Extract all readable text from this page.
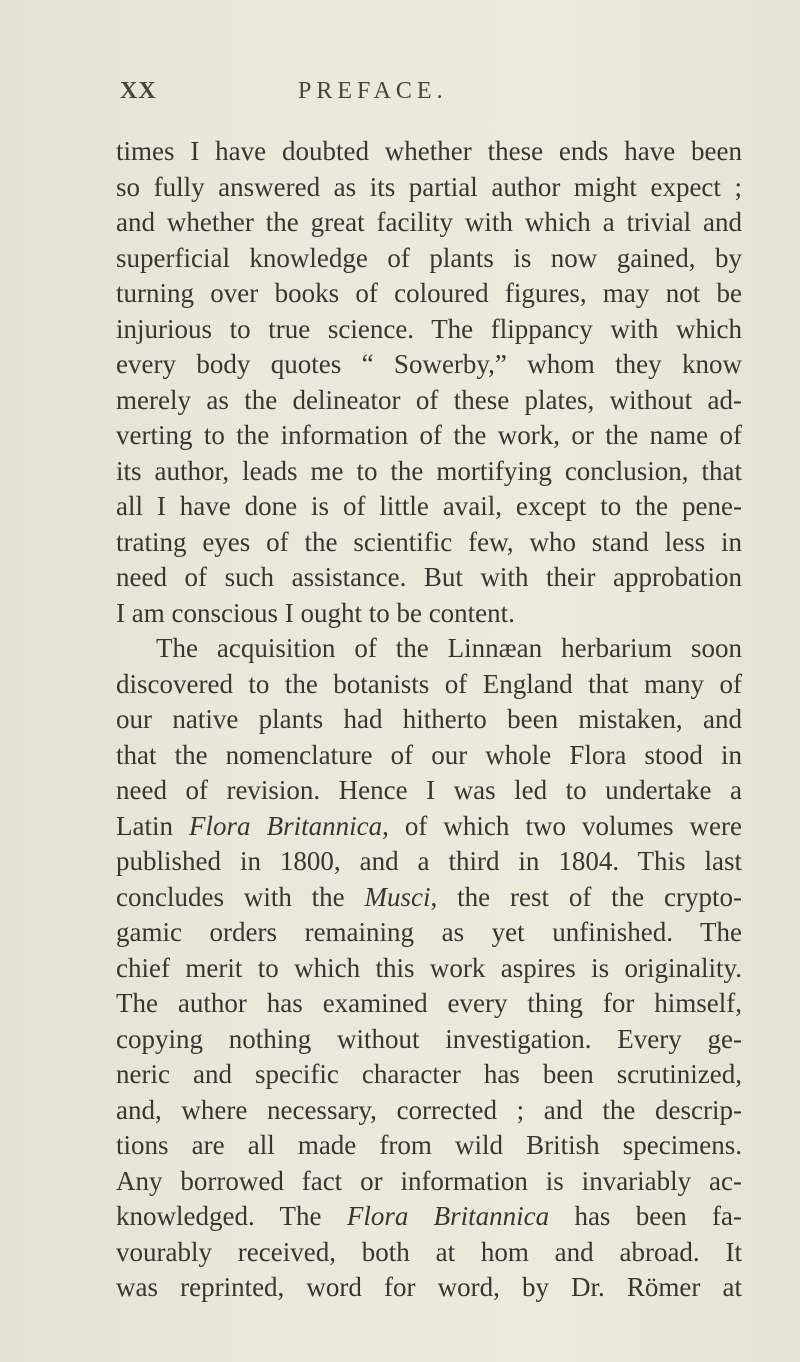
XX	PREFACE.
times I have doubted whether these ends have been
so fully answered as its partial author might expect ;
and whether the great facility with which a trivial and
superficial knowledge of plants is now gained, by
turning over books of coloured figures, may not be
injurious to true science. The flippancy with which
every body quotes “ Sowerby,” whom they know
merely as the delineator of these plates, without ad-
verting to the information of the work, or the name of
its author, leads me to the mortifying conclusion, that
all I have done is of little avail, except to the pene-
trating eyes of the scientific few, who stand less in
need of such assistance. But with their approbation
I am conscious I ought to be content.
The acquisition of the Linnæan herbarium soon
discovered to the botanists of England that many of
our native plants had hitherto been mistaken, and
that the nomenclature of our whole Flora stood in
need of revision. Hence I was led to undertake a
Latin Flora Britannica, of which two volumes were
published in 1800, and a third in 1804. This last
concludes with the Musci, the rest of the crypto-
gamic orders remaining as yet unfinished. The
chief merit to which this work aspires is originality.
The author has examined every thing for himself,
copying nothing without investigation. Every ge-
neric and specific character has been scrutinized,
and, where necessary, corrected ; and the descrip-
tions are all made from wild British specimens.
Any borrowed fact or information is invariably ac-
knowledged. The Flora Britannica has been fa-
vourably received, both at hom and abroad. It
was reprinted, word for word, by Dr. Römer at
